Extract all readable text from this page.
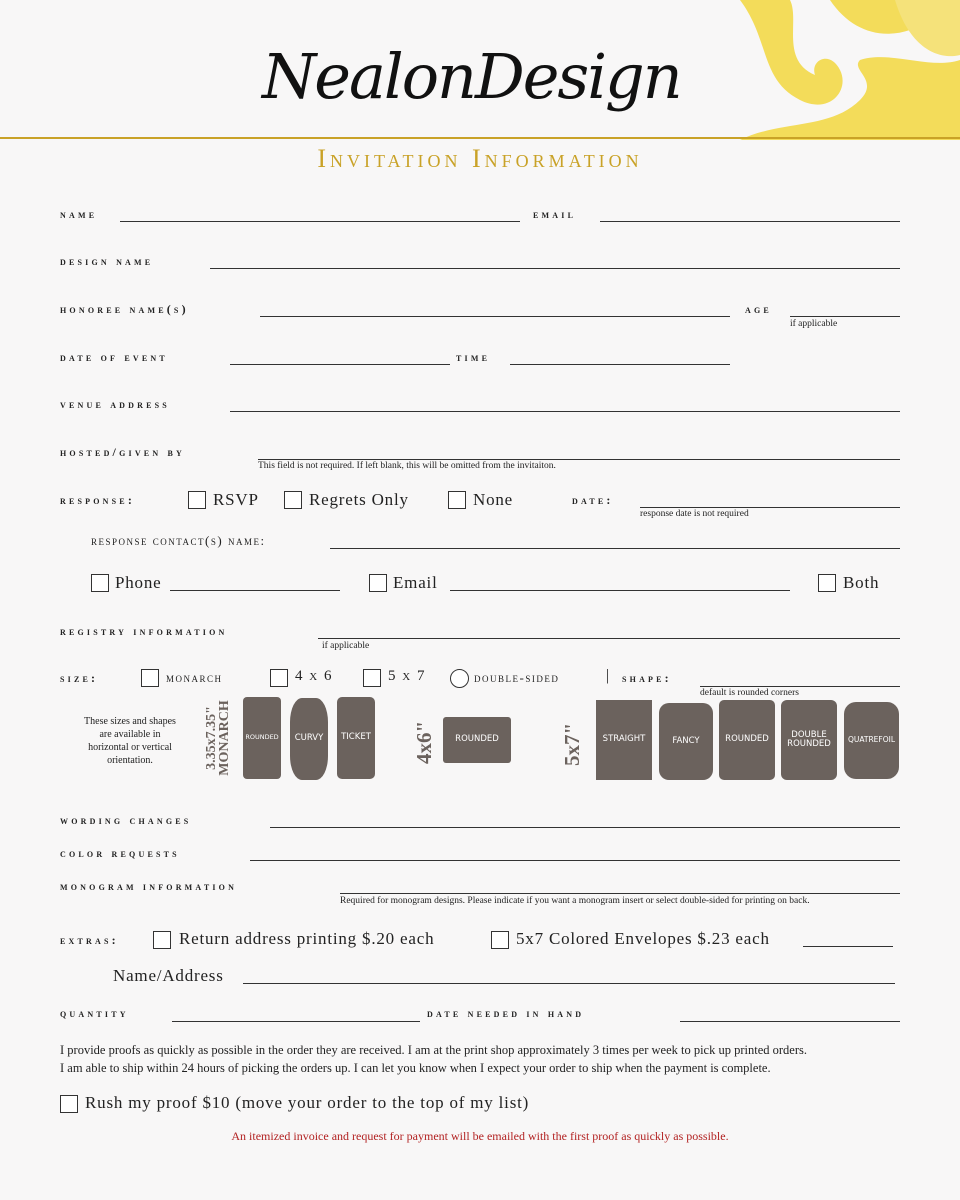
NealonDesign
Invitation Information
name	email
design name
honoree name(s)	age
if applicable
date of event	time
venue address
hosted/given by
This field is not required. If left blank, this will be omitted from the invitaiton.
response:	RSVP	Regrets Only	None	date:
response date is not required
response contact(s) name:
Phone	Email	Both
registry information
if applicable
size:	monarch	4 x 6	5 x 7	double-sided	| shape:
default is rounded corners
These sizes and shapes are available in horizontal or vertical orientation.	3.35x7.35" MONARCH	ROUNDED	CURVY	TICKET 4x6"	ROUNDED	5x7"	STRAIGHT	FANCY	ROUNDED	DOUBLE ROUNDED	QUATREFOIL
wording changes
color requests
monogram information
Required for monogram designs. Please indicate if you want a monogram insert or select double-sided for printing on back.
extras:	Return address printing $.20 each	5x7 Colored Envelopes $.23 each
Name/Address
quantity	date needed in hand
I provide proofs as quickly as possible in the order they are received. I am at the print shop approximately 3 times per week to pick up printed orders.
I am able to ship within 24 hours of picking the orders up. I can let you know when I expect your order to ship when the payment is complete.
Rush my proof $10 (move your order to the top of my list)
An itemized invoice and request for payment will be emailed with the first proof as quickly as possible.
